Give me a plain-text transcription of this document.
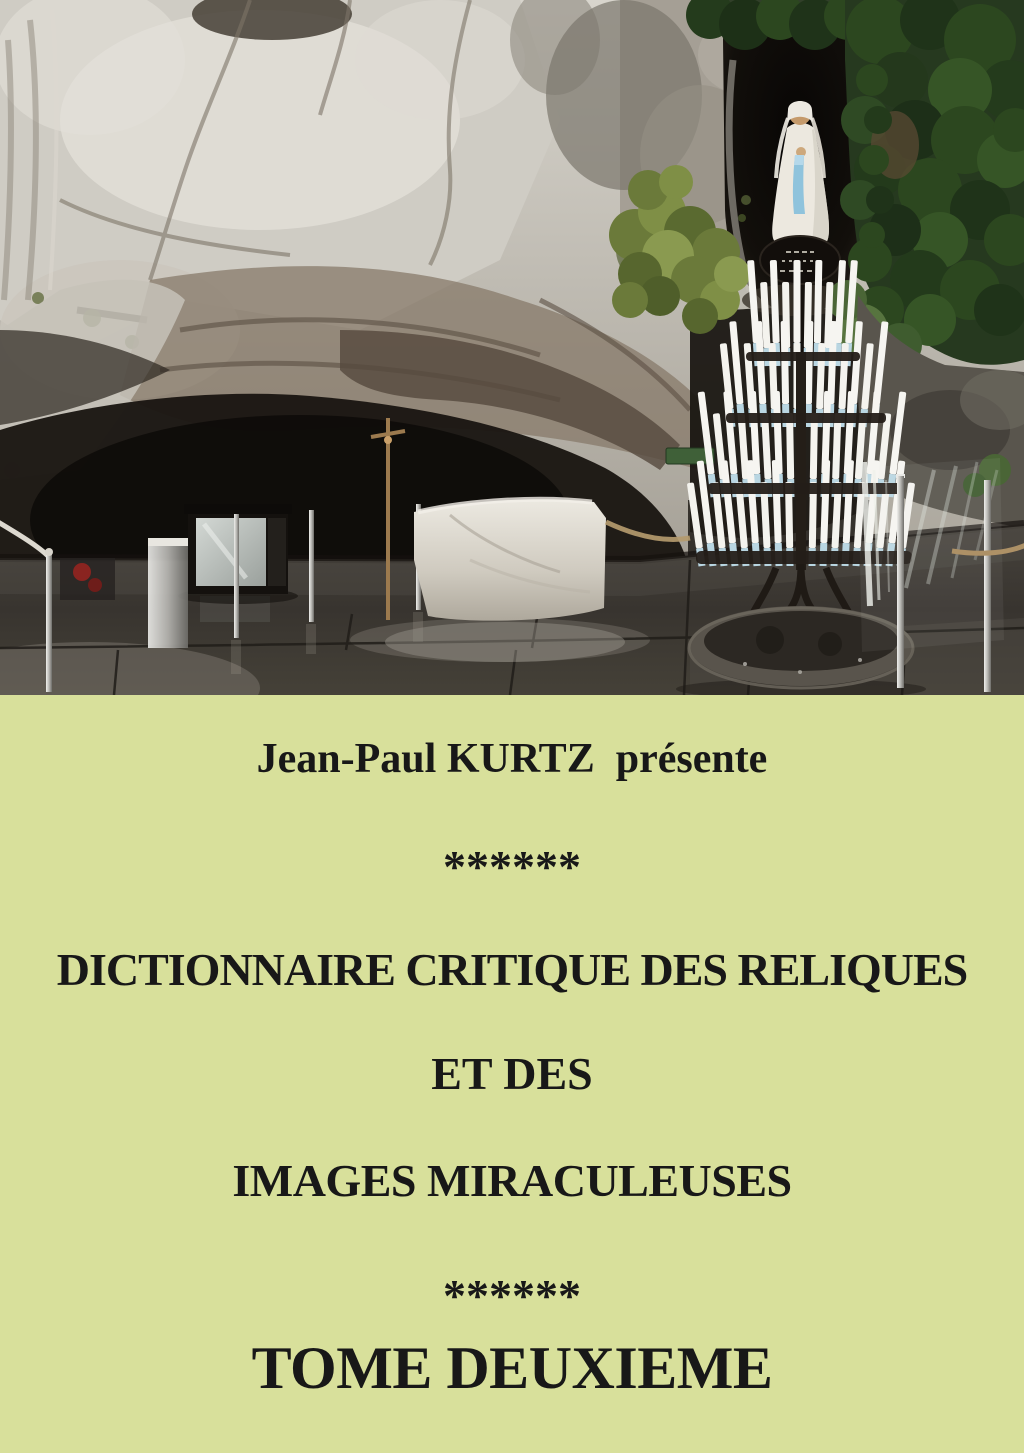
Jean-Paul KURTZ  présente
******
DICTIONNAIRE CRITIQUE DES RELIQUES
ET DES
IMAGES MIRACULEUSES
******
TOME DEUXIEME
